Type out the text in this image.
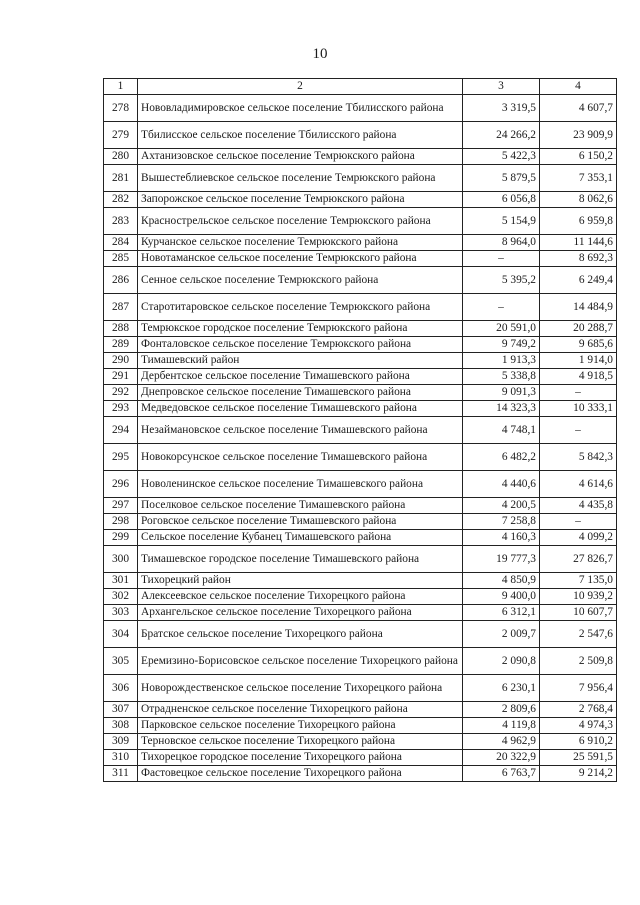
10
1	2	3	4
278	Нововладимировское сельское поселение Тбилисского района	3 319,5	4 607,7
279	Тбилисское сельское поселение Тбилисского района	24 266,2	23 909,9
280	Ахтанизовское сельское поселение Темрюкского района	5 422,3	6 150,2
281	Вышестеблиевское сельское поселение Темрюкского района	5 879,5	7 353,1
282	Запорожское сельское поселение Темрюкского района	6 056,8	8 062,6
283	Краснострельское сельское поселение Темрюкского района	5 154,9	6 959,8
284	Курчанское сельское поселение Темрюкского района	8 964,0	11 144,6
285	Новотаманское сельское поселение Темрюкского района	–	8 692,3
286	Сенное сельское поселение Темрюкского района	5 395,2	6 249,4
287	Старотитаровское сельское поселение Темрюкского района	–	14 484,9
288	Темрюкское городское поселение Темрюкского района	20 591,0	20 288,7
289	Фонталовское сельское поселение Темрюкского района	9 749,2	9 685,6
290	Тимашевский район	1 913,3	1 914,0
291	Дербентское сельское поселение Тимашевского района	5 338,8	4 918,5
292	Днепровское сельское поселение Тимашевского района	9 091,3	–
293	Медведовское сельское поселение Тимашевского района	14 323,3	10 333,1
294	Незаймановское сельское поселение Тимашевского района	4 748,1	–
295	Новокорсунское сельское поселение Тимашевского района	6 482,2	5 842,3
296	Новоленинское сельское поселение Тимашевского района	4 440,6	4 614,6
297	Поселковое сельское поселение Тимашевского района	4 200,5	4 435,8
298	Роговское сельское поселение Тимашевского района	7 258,8	–
299	Сельское поселение Кубанец Тимашевского района	4 160,3	4 099,2
300	Тимашевское городское поселение Тимашевского района	19 777,3	27 826,7
301	Тихорецкий район	4 850,9	7 135,0
302	Алексеевское сельское поселение Тихорецкого района	9 400,0	10 939,2
303	Архангельское сельское поселение Тихорецкого района	6 312,1	10 607,7
304	Братское сельское поселение Тихорецкого района	2 009,7	2 547,6
305	Еремизино-Борисовское сельское поселение Тихорецкого района	2 090,8	2 509,8
306	Новорождественское сельское поселение Тихорецкого района	6 230,1	7 956,4
307	Отрадненское сельское поселение Тихорецкого района	2 809,6	2 768,4
308	Парковское сельское поселение Тихорецкого района	4 119,8	4 974,3
309	Терновское сельское поселение Тихорецкого района	4 962,9	6 910,2
310	Тихорецкое городское поселение Тихорецкого района	20 322,9	25 591,5
311	Фастовецкое сельское поселение Тихорецкого района	6 763,7	9 214,2
